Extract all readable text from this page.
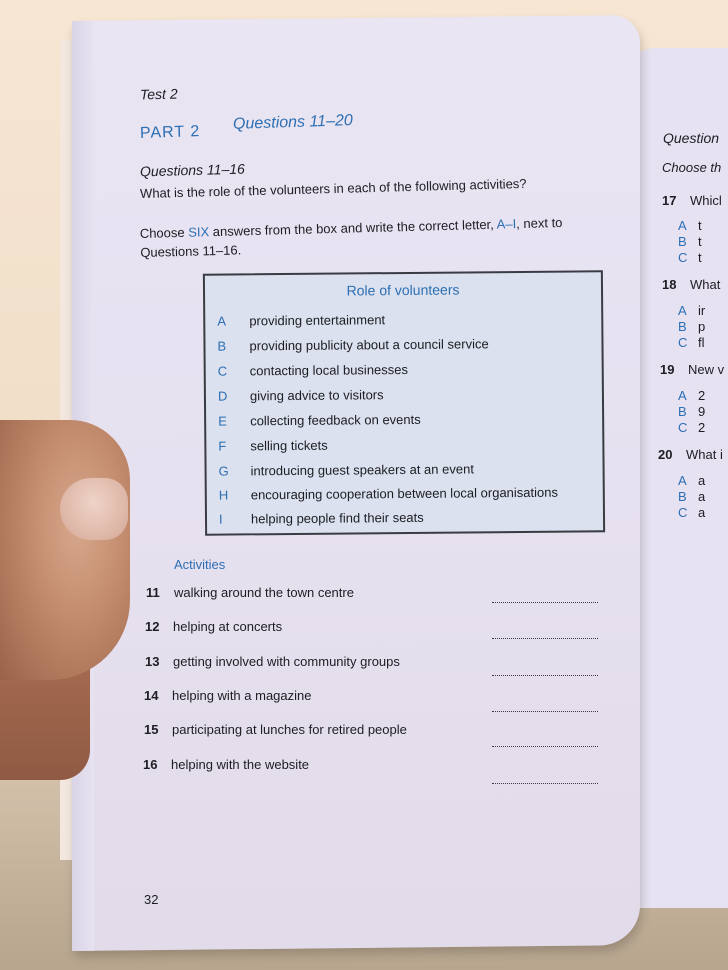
Test 2
PART 2 Questions 11–20
Questions 11–16
What is the role of the volunteers in each of the following activities?
Choose SIX answers from the box and write the correct letter, A–I, next to Questions 11–16.
Role of volunteers
A providing entertainment
B providing publicity about a council service
C contacting local businesses
D giving advice to visitors
E collecting feedback on events
F selling tickets
G introducing guest speakers at an event
H encouraging cooperation between local organisations
I helping people find their seats
Activities
11 walking around the town centre
12 helping at concerts
13 getting involved with community groups
14 helping with a magazine
15 participating at lunches for retired people
16 helping with the website
32
Question
Choose th
17 Whicl
A t
B t
C t
18 What
A ir
B p
C fl
19 New v
A 2
B 9
C 2
20 What i
A a
B a
C a
